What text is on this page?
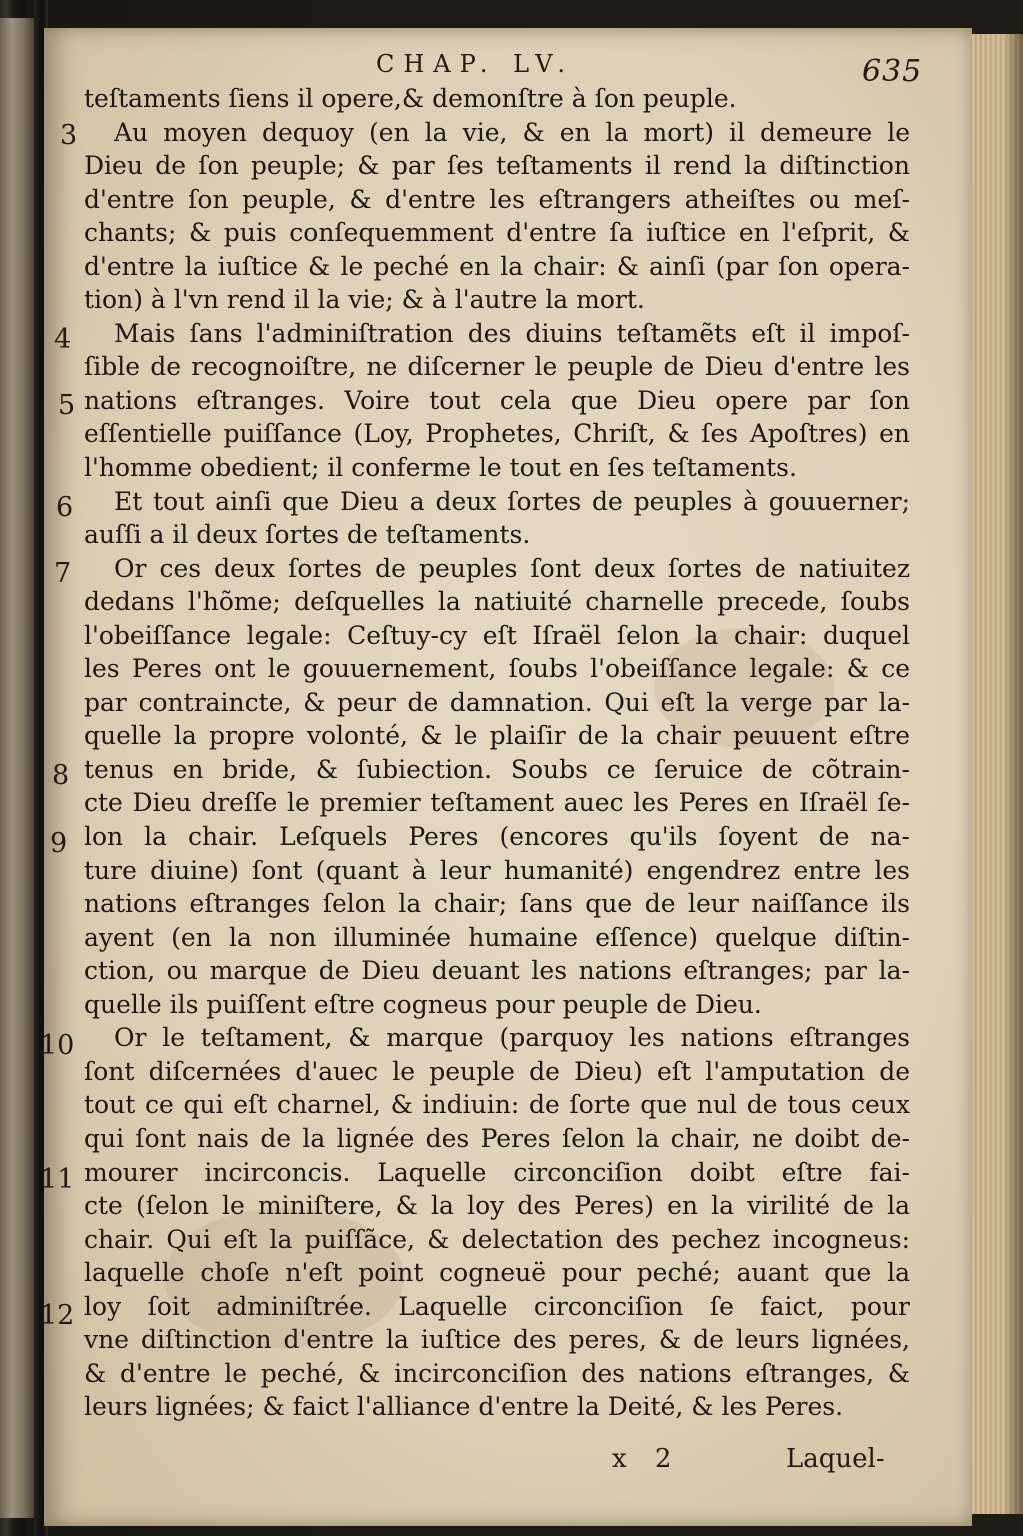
CHAP. LV.	635
3
4
5
6
7
8
9
10
11
12
teſtaments ſiens il opere,& demonſtre à ſon peuple.
Au moyen dequoy (en la vie, & en la mort) il demeure le
Dieu de ſon peuple; & par ſes teſtaments il rend la diſtinction
d'entre ſon peuple, & d'entre les eſtrangers atheiſtes ou meſ-
chants; & puis conſequemment d'entre ſa iuſtice en l'eſprit, &
d'entre la iuſtice & le peché en la chair: & ainſi (par ſon opera-
tion) à l'vn rend il la vie; & à l'autre la mort.
Mais ſans l'adminiſtration des diuins teſtamẽts eſt il impoſ-
ſible de recognoiſtre, ne diſcerner le peuple de Dieu d'entre les
nations eſtranges. Voire tout cela que Dieu opere par ſon
eſſentielle puiſſance (Loy, Prophetes, Chriſt, & ſes Apoſtres) en
l'homme obedient; il conferme le tout en ſes teſtaments.
Et tout ainſi que Dieu a deux ſortes de peuples à gouuerner;
auſſi a il deux ſortes de teſtaments.
Or ces deux ſortes de peuples ſont deux ſortes de natiuitez
dedans l'hõme; deſquelles la natiuité charnelle precede, ſoubs
l'obeiſſance legale: Ceſtuy-cy eſt Iſraël ſelon la chair: duquel
les Peres ont le gouuernement, ſoubs l'obeiſſance legale: & ce
par contraincte, & peur de damnation. Qui eſt la verge par la-
quelle la propre volonté, & le plaiſir de la chair peuuent eſtre
tenus en bride, & ſubiection. Soubs ce ſeruice de cõtrain-
cte Dieu dreſſe le premier teſtament auec les Peres en Iſraël ſe-
lon la chair. Leſquels Peres (encores qu'ils ſoyent de na-
ture diuine) ſont (quant à leur humanité) engendrez entre les
nations eſtranges ſelon la chair; ſans que de leur naiſſance ils
ayent (en la non illuminée humaine eſſence) quelque diſtin-
ction, ou marque de Dieu deuant les nations eſtranges; par la-
quelle ils puiſſent eſtre cogneus pour peuple de Dieu.
Or le teſtament, & marque (parquoy les nations eſtranges
ſont diſcernées d'auec le peuple de Dieu) eſt l'amputation de
tout ce qui eſt charnel, & indiuin: de ſorte que nul de tous ceux
qui ſont nais de la lignée des Peres ſelon la chair, ne doibt de-
mourer incirconcis. Laquelle circonciſion doibt eſtre fai-
cte (ſelon le miniſtere, & la loy des Peres) en la virilité de la
chair. Qui eſt la puiſſãce, & delectation des pechez incogneus:
laquelle choſe n'eſt point cogneuë pour peché; auant que la
loy ſoit adminiſtrée. Laquelle circonciſion ſe faict, pour
vne diſtinction d'entre la iuſtice des peres, & de leurs lignées,
& d'entre le peché, & incirconciſion des nations eſtranges, &
leurs lignées; & faict l'alliance d'entre la Deité, & les Peres.
x 2	Laquel-
